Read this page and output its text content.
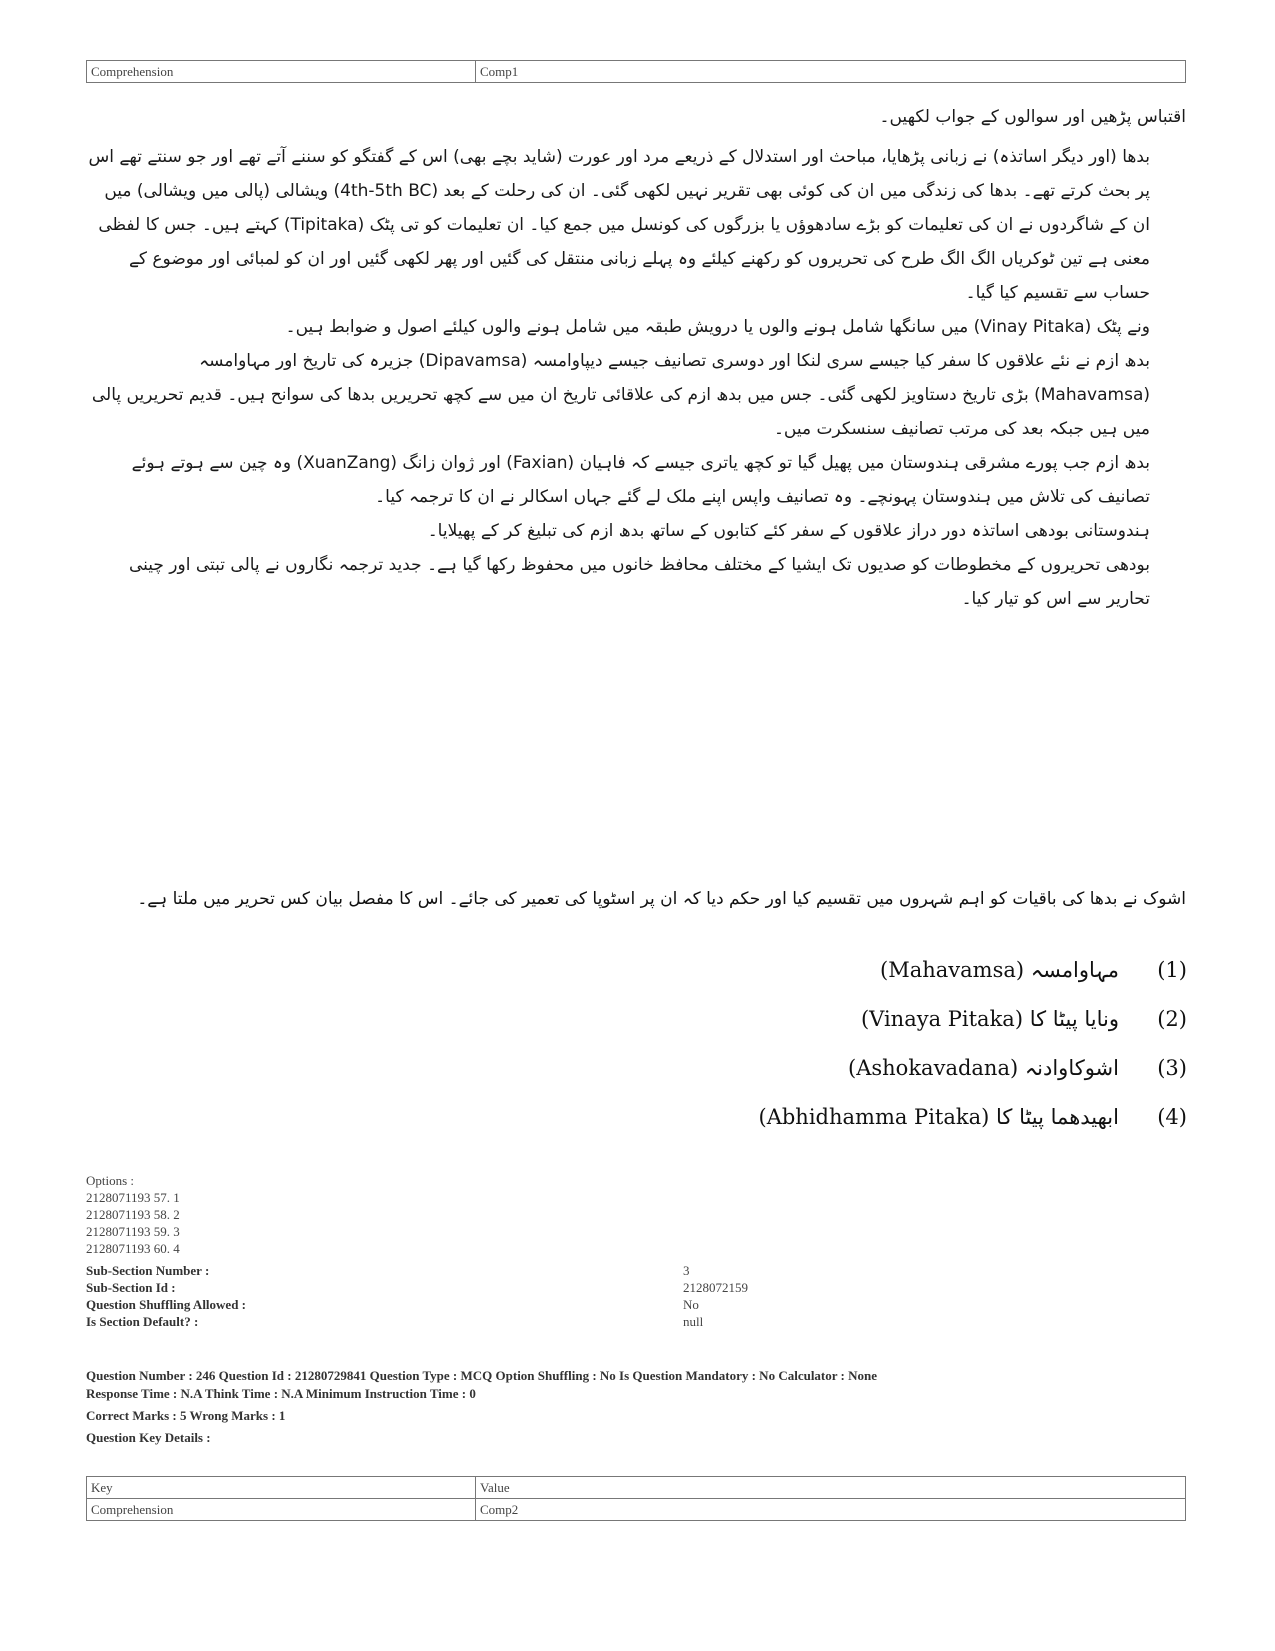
Comprehension	Comp1

اقتباس پڑھیں اور سوالوں کے جواب لکھیں۔

بدھا (اور دیگر اساتذہ) نے زبانی پڑھایا، مباحث اور استدلال کے ذریعے مرد اور عورت (شاید بچے بھی) اس کے گفتگو کو سننے آتے تھے اور جو سنتے تھے اس پر بحث کرتے تھے۔ بدھا کی زندگی میں ان کی کوئی بھی تقریر نہیں لکھی گئی۔ ان کی رحلت کے بعد (4th-5th BC) ویشالی (پالی میں ویشالی) میں ان کے شاگردوں نے ان کی تعلیمات کو بڑے سادھوؤں یا بزرگوں کی کونسل میں جمع کیا۔ ان تعلیمات کو تی پٹک (Tipitaka) کہتے ہیں۔ جس کا لفظی معنی ہے تین ٹوکریاں الگ الگ طرح کی تحریروں کو رکھنے کیلئے وہ پہلے زبانی منتقل کی گئیں اور پھر لکھی گئیں اور ان کو لمبائی اور موضوع کے حساب سے تقسیم کیا گیا۔

ونے پٹک (Vinay Pitaka) میں سانگھا شامل ہونے والوں یا درویش طبقہ میں شامل ہونے والوں کیلئے اصول و ضوابط ہیں۔

بدھ ازم نے نئے علاقوں کا سفر کیا جیسے سری لنکا اور دوسری تصانیف جیسے دیپاوامسہ (Dipavamsa) جزیرہ کی تاریخ اور مہاوامسہ (Mahavamsa) بڑی تاریخ دستاویز لکھی گئی۔ جس میں بدھ ازم کی علاقائی تاریخ ان میں سے کچھ تحریریں بدھا کی سوانح ہیں۔ قدیم تحریریں پالی میں ہیں جبکہ بعد کی مرتب تصانیف سنسکرت میں۔

بدھ ازم جب پورے مشرقی ہندوستان میں پھیل گیا تو کچھ یاتری جیسے کہ فاہیان (Faxian) اور ژوان زانگ (XuanZang) وہ چین سے ہوتے ہوئے تصانیف کی تلاش میں ہندوستان پہونچے۔ وہ تصانیف واپس اپنے ملک لے گئے جہاں اسکالر نے ان کا ترجمہ کیا۔

ہندوستانی بودھی اساتذہ دور دراز علاقوں کے سفر کئے کتابوں کے ساتھ بدھ ازم کی تبلیغ کر کے پھیلایا۔

بودھی تحریروں کے مخطوطات کو صدیوں تک ایشیا کے مختلف محافظ خانوں میں محفوظ رکھا گیا ہے۔ جدید ترجمہ نگاروں نے پالی تبتی اور چینی تحاریر سے اس کو تیار کیا۔

اشوک نے بدھا کی باقیات کو اہم شہروں میں تقسیم کیا اور حکم دیا کہ ان پر اسٹوپا کی تعمیر کی جائے۔ اس کا مفصل بیان کس تحریر میں ملتا ہے۔
(1)
مہاوامسہ (Mahavamsa)
(2)
ونایا پیٹا کا (Vinaya Pitaka)
(3)
اشوکاوادنہ (Ashokavadana)
(4)
ابھیدھما پیٹا کا (Abhidhamma Pitaka)
Options :
2128071193 57. 1
2128071193 58. 2
2128071193 59. 3
2128071193 60. 4
Sub-Section Number :	3
Sub-Section Id :	2128072159
Question Shuffling Allowed :	No
Is Section Default? :	null
Question Number : 246 Question Id : 21280729841 Question Type : MCQ Option Shuffling : No Is Question Mandatory : No Calculator : None
Response Time : N.A Think Time : N.A Minimum Instruction Time : 0
Correct Marks : 5 Wrong Marks : 1
Question Key Details :
Key	Value
Comprehension	Comp2
